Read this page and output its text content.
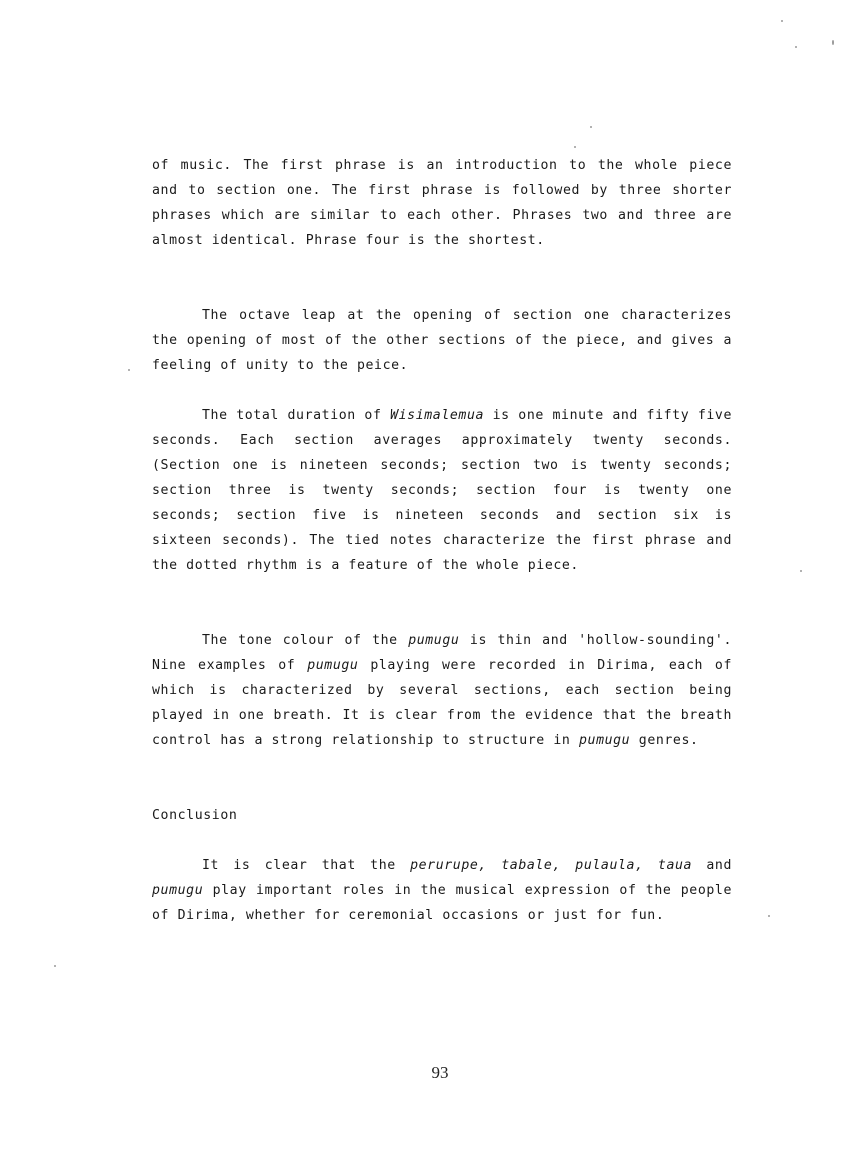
of music. The first phrase is an introduction to the whole piece and to section one. The first phrase is followed by three shorter phrases which are similar to each other. Phrases two and three are almost identical. Phrase four is the shortest.

The octave leap at the opening of section one characterizes the opening of most of the other sections of the piece, and gives a feeling of unity to the peice.

The total duration of Wisimalemua is one minute and fifty five seconds. Each section averages approximately twenty seconds. (Section one is nineteen seconds; section two is twenty seconds; section three is twenty seconds; section four is twenty one seconds; section five is nineteen seconds and section six is sixteen seconds). The tied notes characterize the first phrase and the dotted rhythm is a feature of the whole piece.

The tone colour of the pumugu is thin and 'hollow-sounding'. Nine examples of pumugu playing were recorded in Dirima, each of which is characterized by several sections, each section being played in one breath. It is clear from the evidence that the breath control has a strong relationship to structure in pumugu genres.

Conclusion

It is clear that the perurupe, tabale, pulaula, taua and pumugu play important roles in the musical expression of the people of Dirima, whether for ceremonial occasions or just for fun.

93
